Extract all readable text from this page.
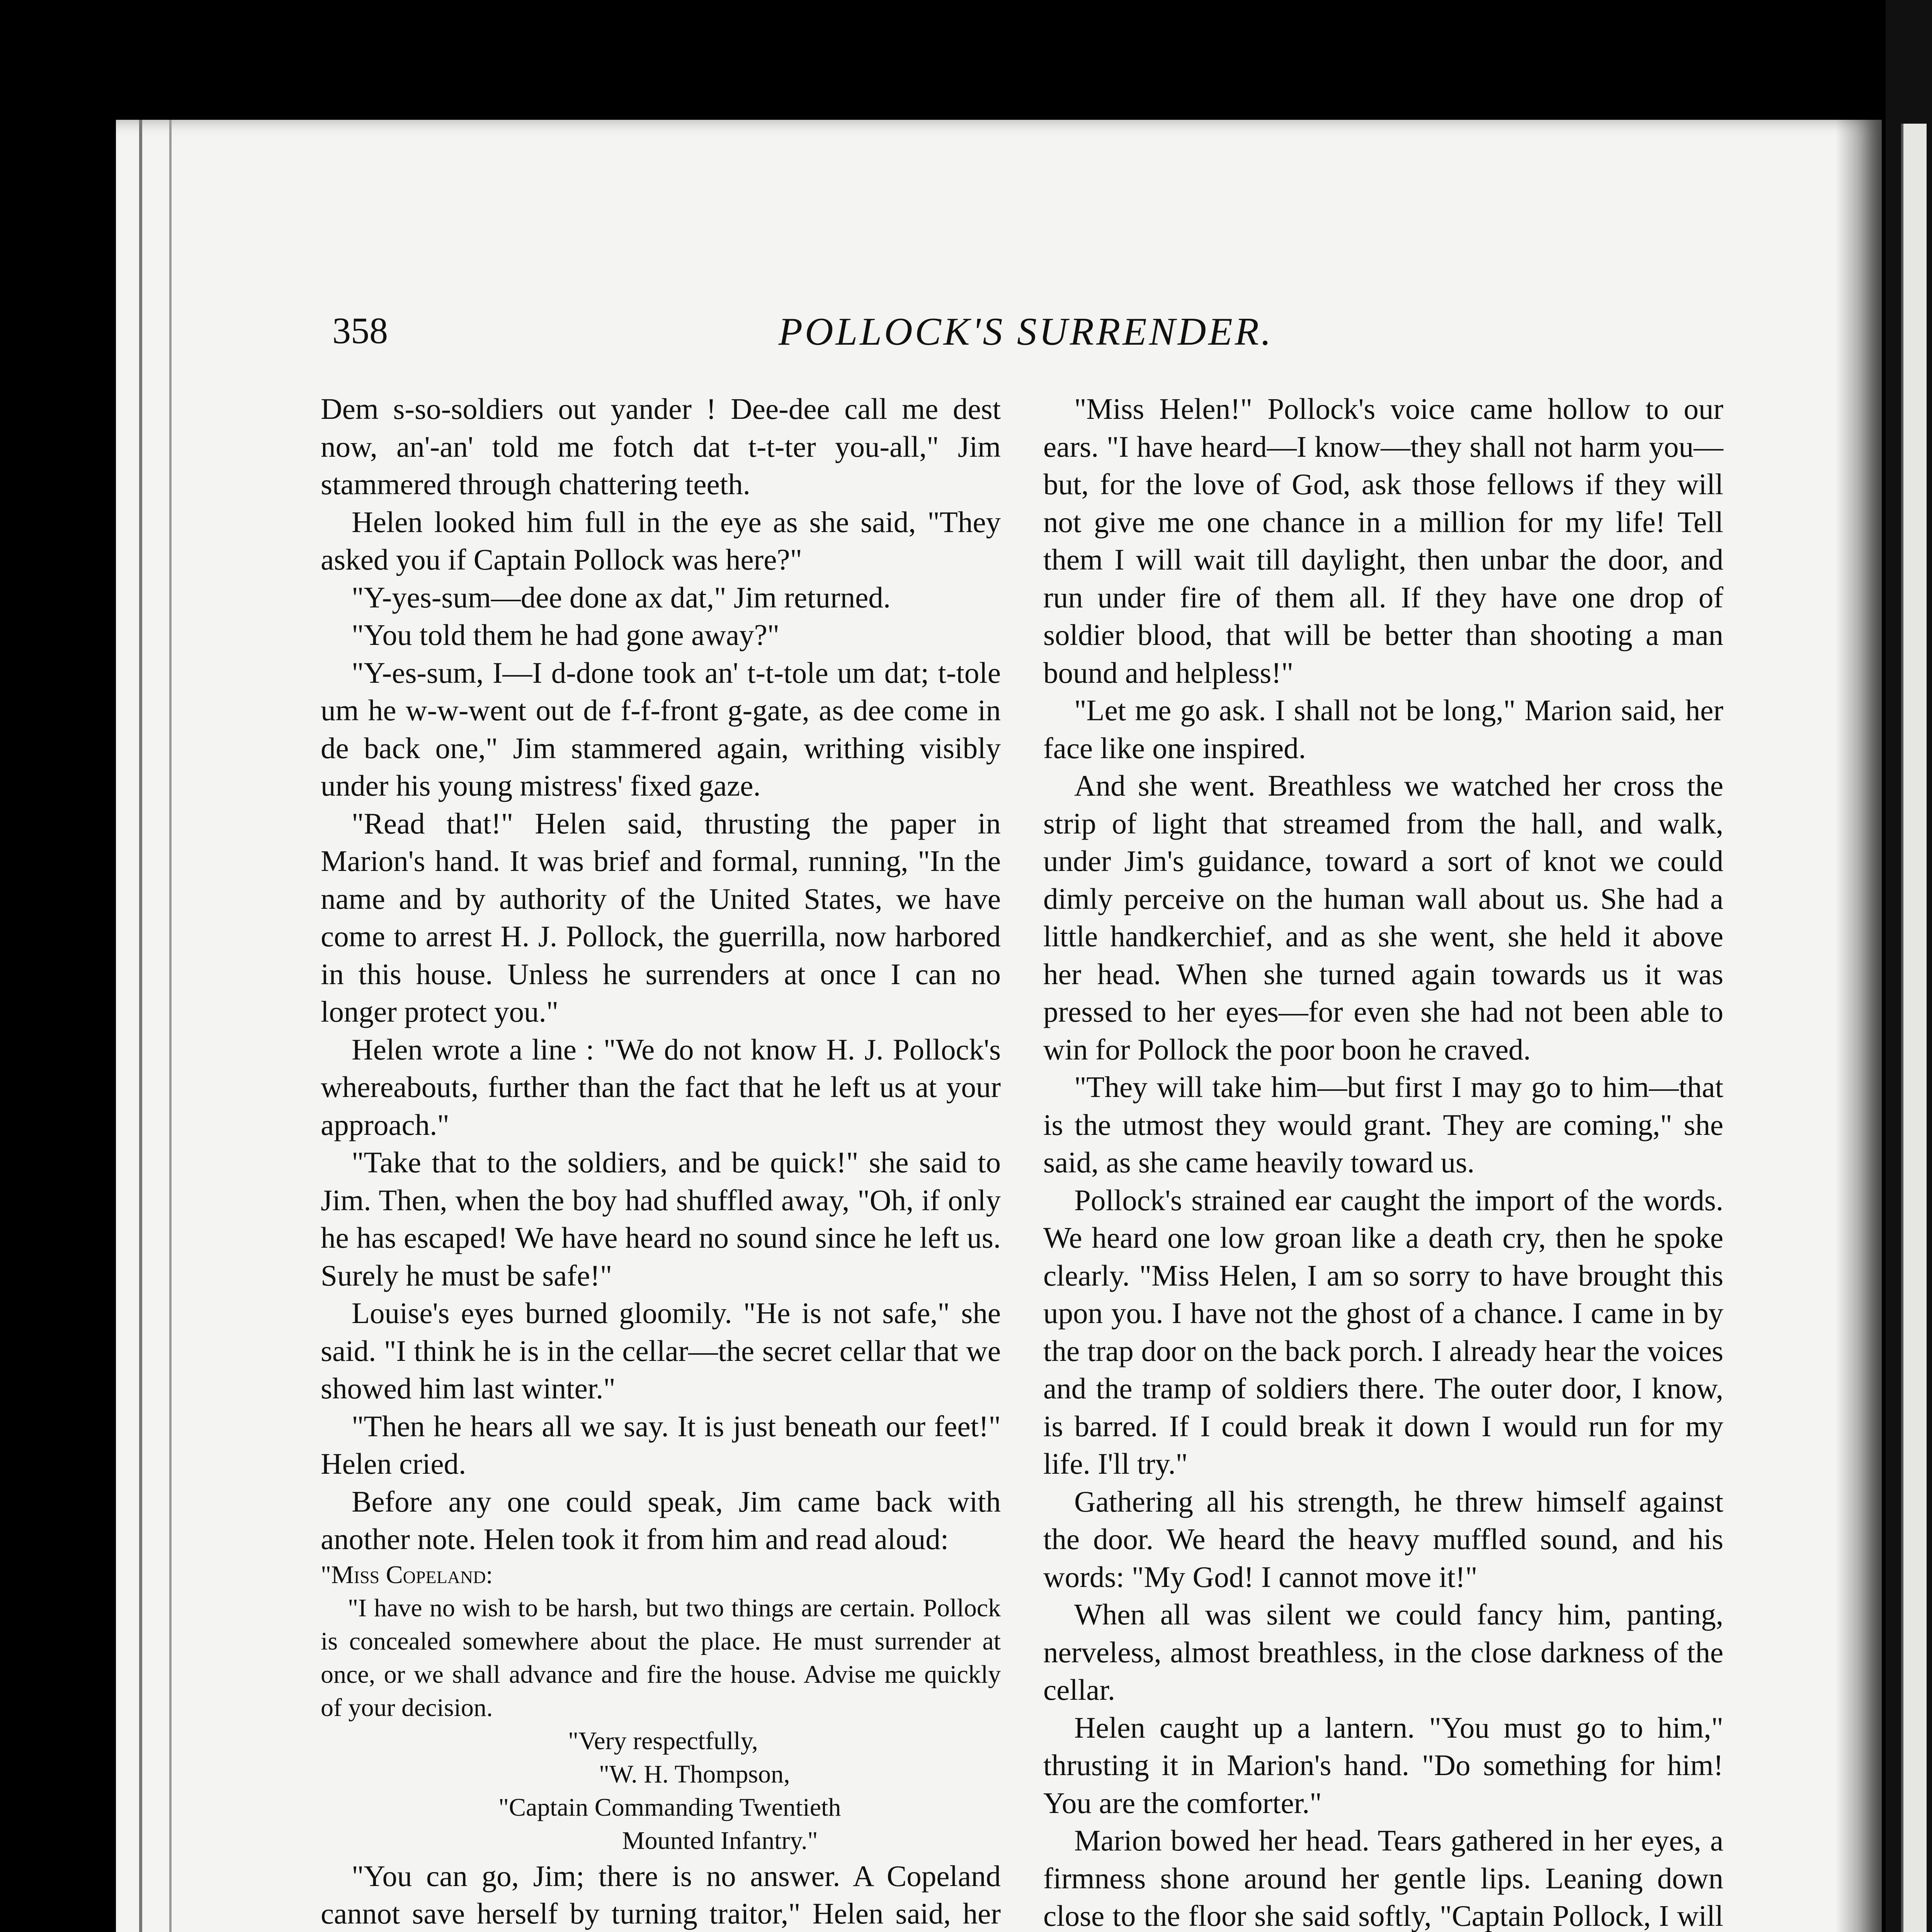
358	POLLOCK'S SURRENDER.

Dem s-so-soldiers out yander ! Dee-dee call me dest now, an'-an' told me fotch dat t-t-ter you-all," Jim stammered through chattering teeth.

Helen looked him full in the eye as she said, "They asked you if Captain Pollock was here?"

"Y-yes-sum—dee done ax dat," Jim returned.

"You told them he had gone away?"

"Y-es-sum, I—I d-done took an' t-t-tole um dat; t-tole um he w-w-went out de f-f-front g-gate, as dee come in de back one," Jim stammered again, writhing visibly under his young mistress' fixed gaze.

"Read that!" Helen said, thrusting the paper in Marion's hand. It was brief and formal, running, "In the name and by authority of the United States, we have come to arrest H. J. Pollock, the guerrilla, now harbored in this house. Unless he surrenders at once I can no longer protect you."

Helen wrote a line : "We do not know H. J. Pollock's whereabouts, further than the fact that he left us at your approach."

"Take that to the soldiers, and be quick!" she said to Jim. Then, when the boy had shuffled away, "Oh, if only he has escaped! We have heard no sound since he left us. Surely he must be safe!"

Louise's eyes burned gloomily. "He is not safe," she said. "I think he is in the cellar—the secret cellar that we showed him last winter."

"Then he hears all we say. It is just beneath our feet!" Helen cried.

Before any one could speak, Jim came back with another note. Helen took it from him and read aloud:

"Miss Copeland:

"I have no wish to be harsh, but two things are certain. Pollock is concealed somewhere about the place. He must surrender at once, or we shall advance and fire the house. Advise me quickly of your decision.

"Very respectfully,

"W. H. Thompson,

"Captain Commanding Twentieth

Mounted Infantry."

"You can go, Jim; there is no answer. A Copeland cannot save herself by turning traitor," Helen said, her

"Miss Helen!" Pollock's voice came hollow to our ears. "I have heard—I know—they shall not harm you—but, for the love of God, ask those fellows if they will not give me one chance in a million for my life! Tell them I will wait till daylight, then unbar the door, and run under fire of them all. If they have one drop of soldier blood, that will be better than shooting a man bound and helpless!"

"Let me go ask. I shall not be long," Marion said, her face like one inspired.

And she went. Breathless we watched her cross the strip of light that streamed from the hall, and walk, under Jim's guidance, toward a sort of knot we could dimly perceive on the human wall about us. She had a little handkerchief, and as she went, she held it above her head. When she turned again towards us it was pressed to her eyes—for even she had not been able to win for Pollock the poor boon he craved.

"They will take him—but first I may go to him—that is the utmost they would grant. They are coming," she said, as she came heavily toward us.

Pollock's strained ear caught the import of the words. We heard one low groan like a death cry, then he spoke clearly. "Miss Helen, I am so sorry to have brought this upon you. I have not the ghost of a chance. I came in by the trap door on the back porch. I already hear the voices and the tramp of soldiers there. The outer door, I know, is barred. If I could break it down I would run for my life. I'll try."

Gathering all his strength, he threw himself against the door. We heard the heavy muffled sound, and his words: "My God! I cannot move it!"

When all was silent we could fancy him, panting, nerveless, almost breathless, in the close darkness of the cellar.

Helen caught up a lantern. "You must go to him," thrusting it in Marion's hand. "Do something for him! You are the comforter."

Marion bowed her head. Tears gathered in her eyes, a firmness shone around her gentle lips. Leaning down close to the floor she said softly, "Captain Pollock, I will
